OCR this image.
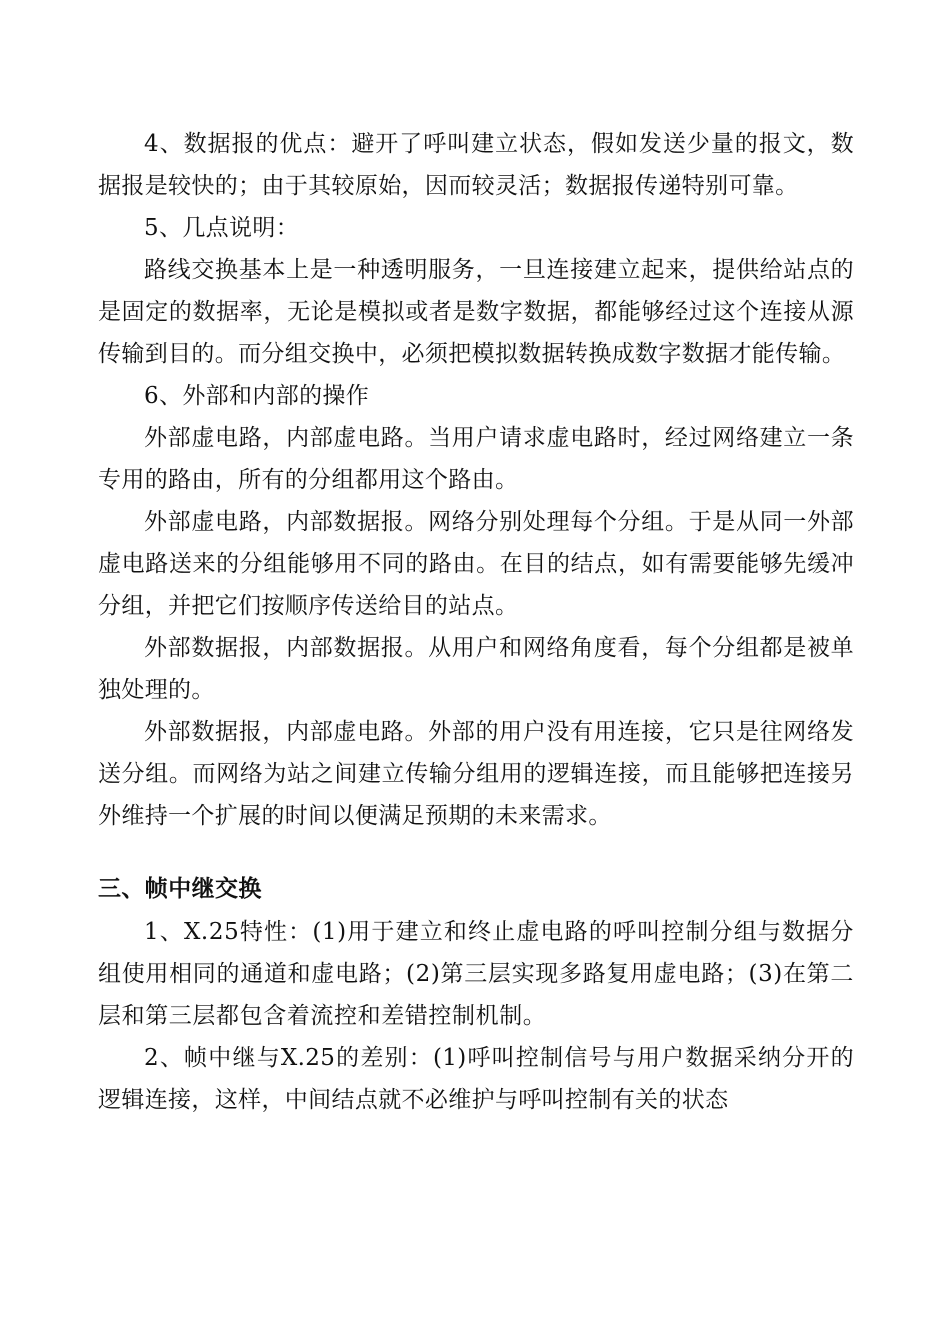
4、数据报的优点：避开了呼叫建立状态，假如发送少量的报文，数据报是较快的；由于其较原始，因而较灵活；数据报传递特别可靠。

5、几点说明：

路线交换基本上是一种透明服务，一旦连接建立起来，提供给站点的是固定的数据率，无论是模拟或者是数字数据，都能够经过这个连接从源传输到目的。而分组交换中，必须把模拟数据转换成数字数据才能传输。

6、外部和内部的操作

外部虚电路，内部虚电路。当用户请求虚电路时，经过网络建立一条专用的路由，所有的分组都用这个路由。

外部虚电路，内部数据报。网络分别处理每个分组。于是从同一外部虚电路送来的分组能够用不同的路由。在目的结点，如有需要能够先缓冲分组，并把它们按顺序传送给目的站点。

外部数据报，内部数据报。从用户和网络角度看，每个分组都是被单独处理的。

外部数据报，内部虚电路。外部的用户没有用连接，它只是往网络发送分组。而网络为站之间建立传输分组用的逻辑连接，而且能够把连接另外维持一个扩展的时间以便满足预期的未来需求。

三、帧中继交换

1、X.25特性：(1)用于建立和终止虚电路的呼叫控制分组与数据分组使用相同的通道和虚电路；(2)第三层实现多路复用虚电路；(3)在第二层和第三层都包含着流控和差错控制机制。

2、帧中继与X.25的差别：(1)呼叫控制信号与用户数据采纳分开的逻辑连接，这样，中间结点就不必维护与呼叫控制有关的状态
